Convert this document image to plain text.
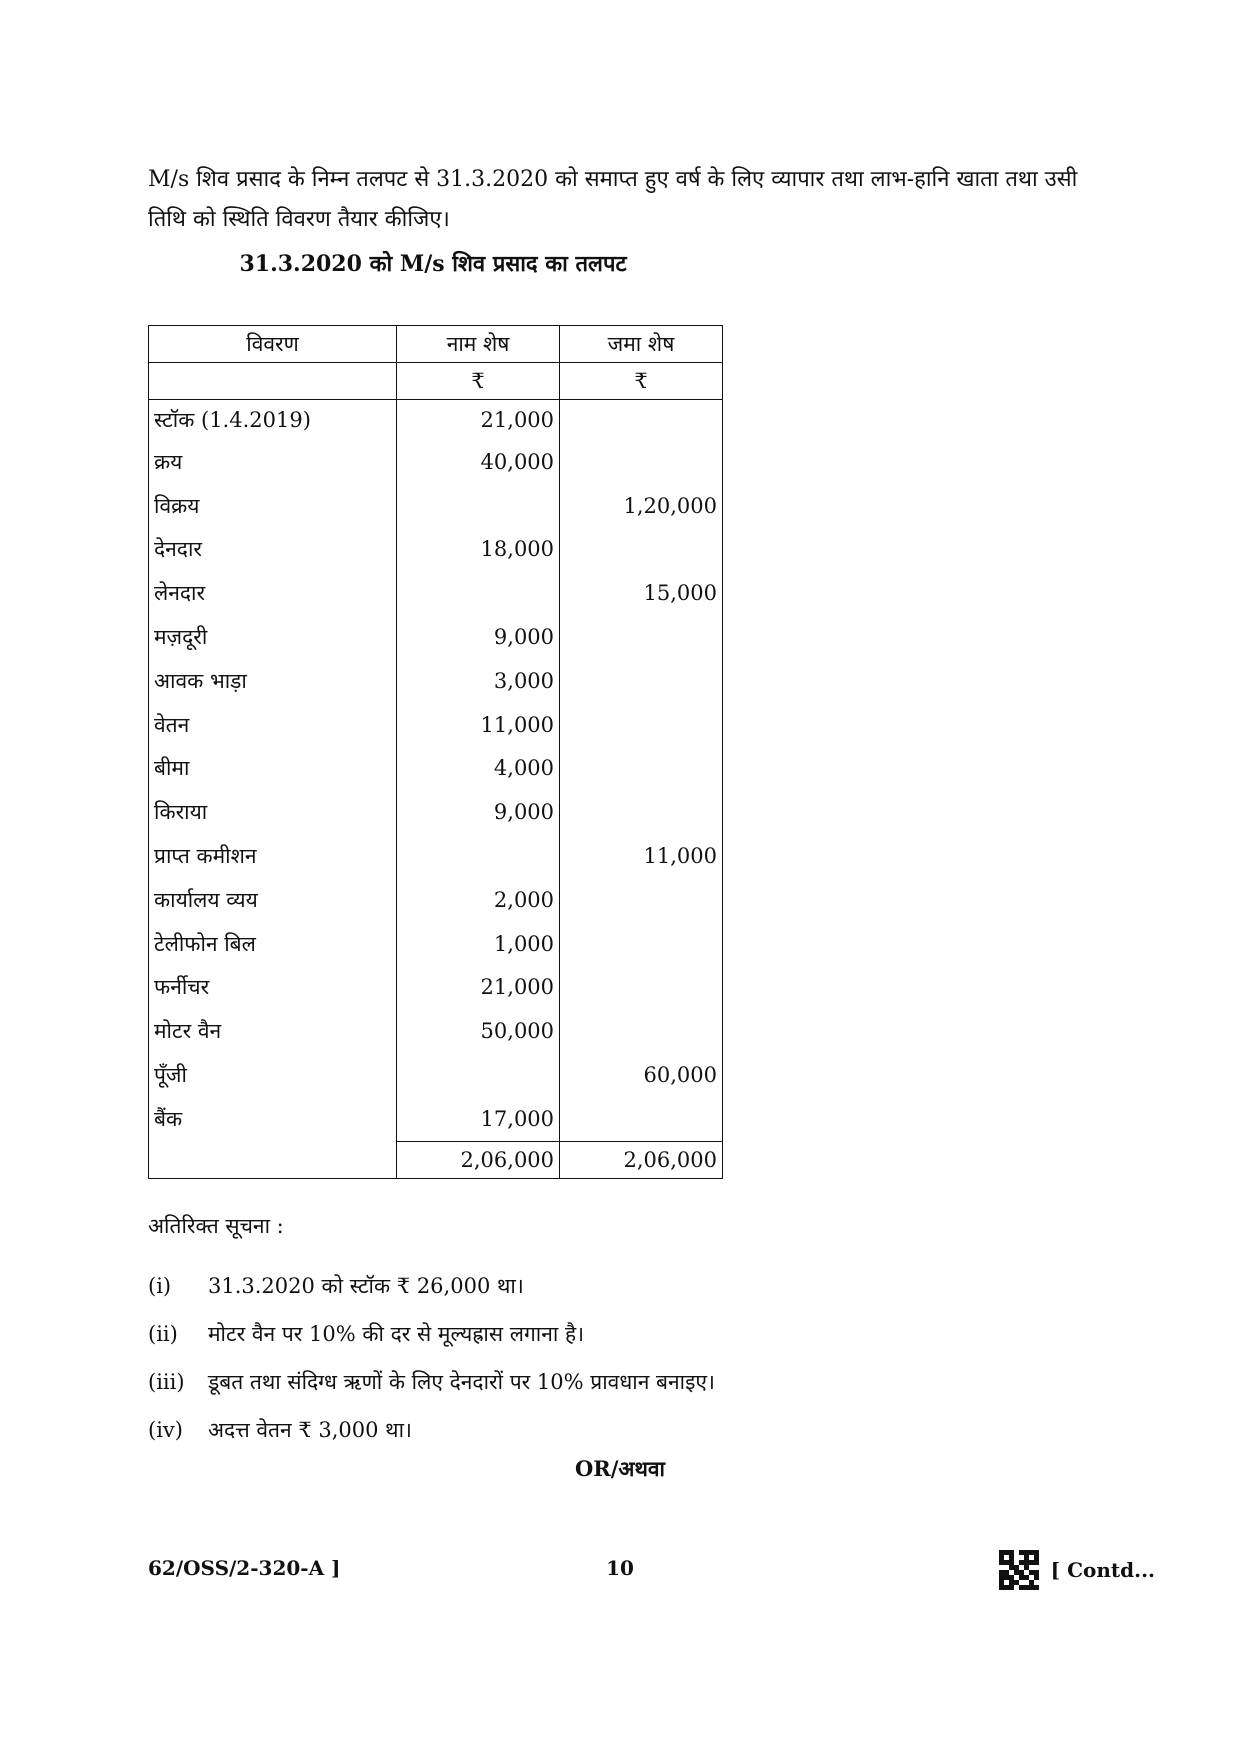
M/s शिव प्रसाद के निम्न तलपट से 31.3.2020 को समाप्त हुए वर्ष के लिए व्यापार तथा लाभ-हानि खाता तथा उसी
तिथि को स्थिति विवरण तैयार कीजिए।
31.3.2020 को M/s शिव प्रसाद का तलपट
विवरण	नाम शेष	जमा शेष
	₹	₹
स्टॉक (1.4.2019)	21,000	
क्रय	40,000	
विक्रय		1,20,000
देनदार	18,000	
लेनदार		15,000
मज़दूरी	9,000	
आवक भाड़ा	3,000	
वेतन	11,000	
बीमा	4,000	
किराया	9,000	
प्राप्त कमीशन		11,000
कार्यालय व्यय	2,000	
टेलीफोन बिल	1,000	
फर्नीचर	21,000	
मोटर वैन	50,000	
पूँजी		60,000
बैंक	17,000	
	2,06,000	2,06,000
अतिरिक्त सूचना :
(i)	31.3.2020 को स्टॉक ₹ 26,000 था।
(ii)	मोटर वैन पर 10% की दर से मूल्यह्रास लगाना है।
(iii)	डूबत तथा संदिग्ध ऋणों के लिए देनदारों पर 10% प्रावधान बनाइए।
(iv)	अदत्त वेतन ₹ 3,000 था।
OR/अथवा
62/OSS/2-320-A ]	10	[ Contd...
